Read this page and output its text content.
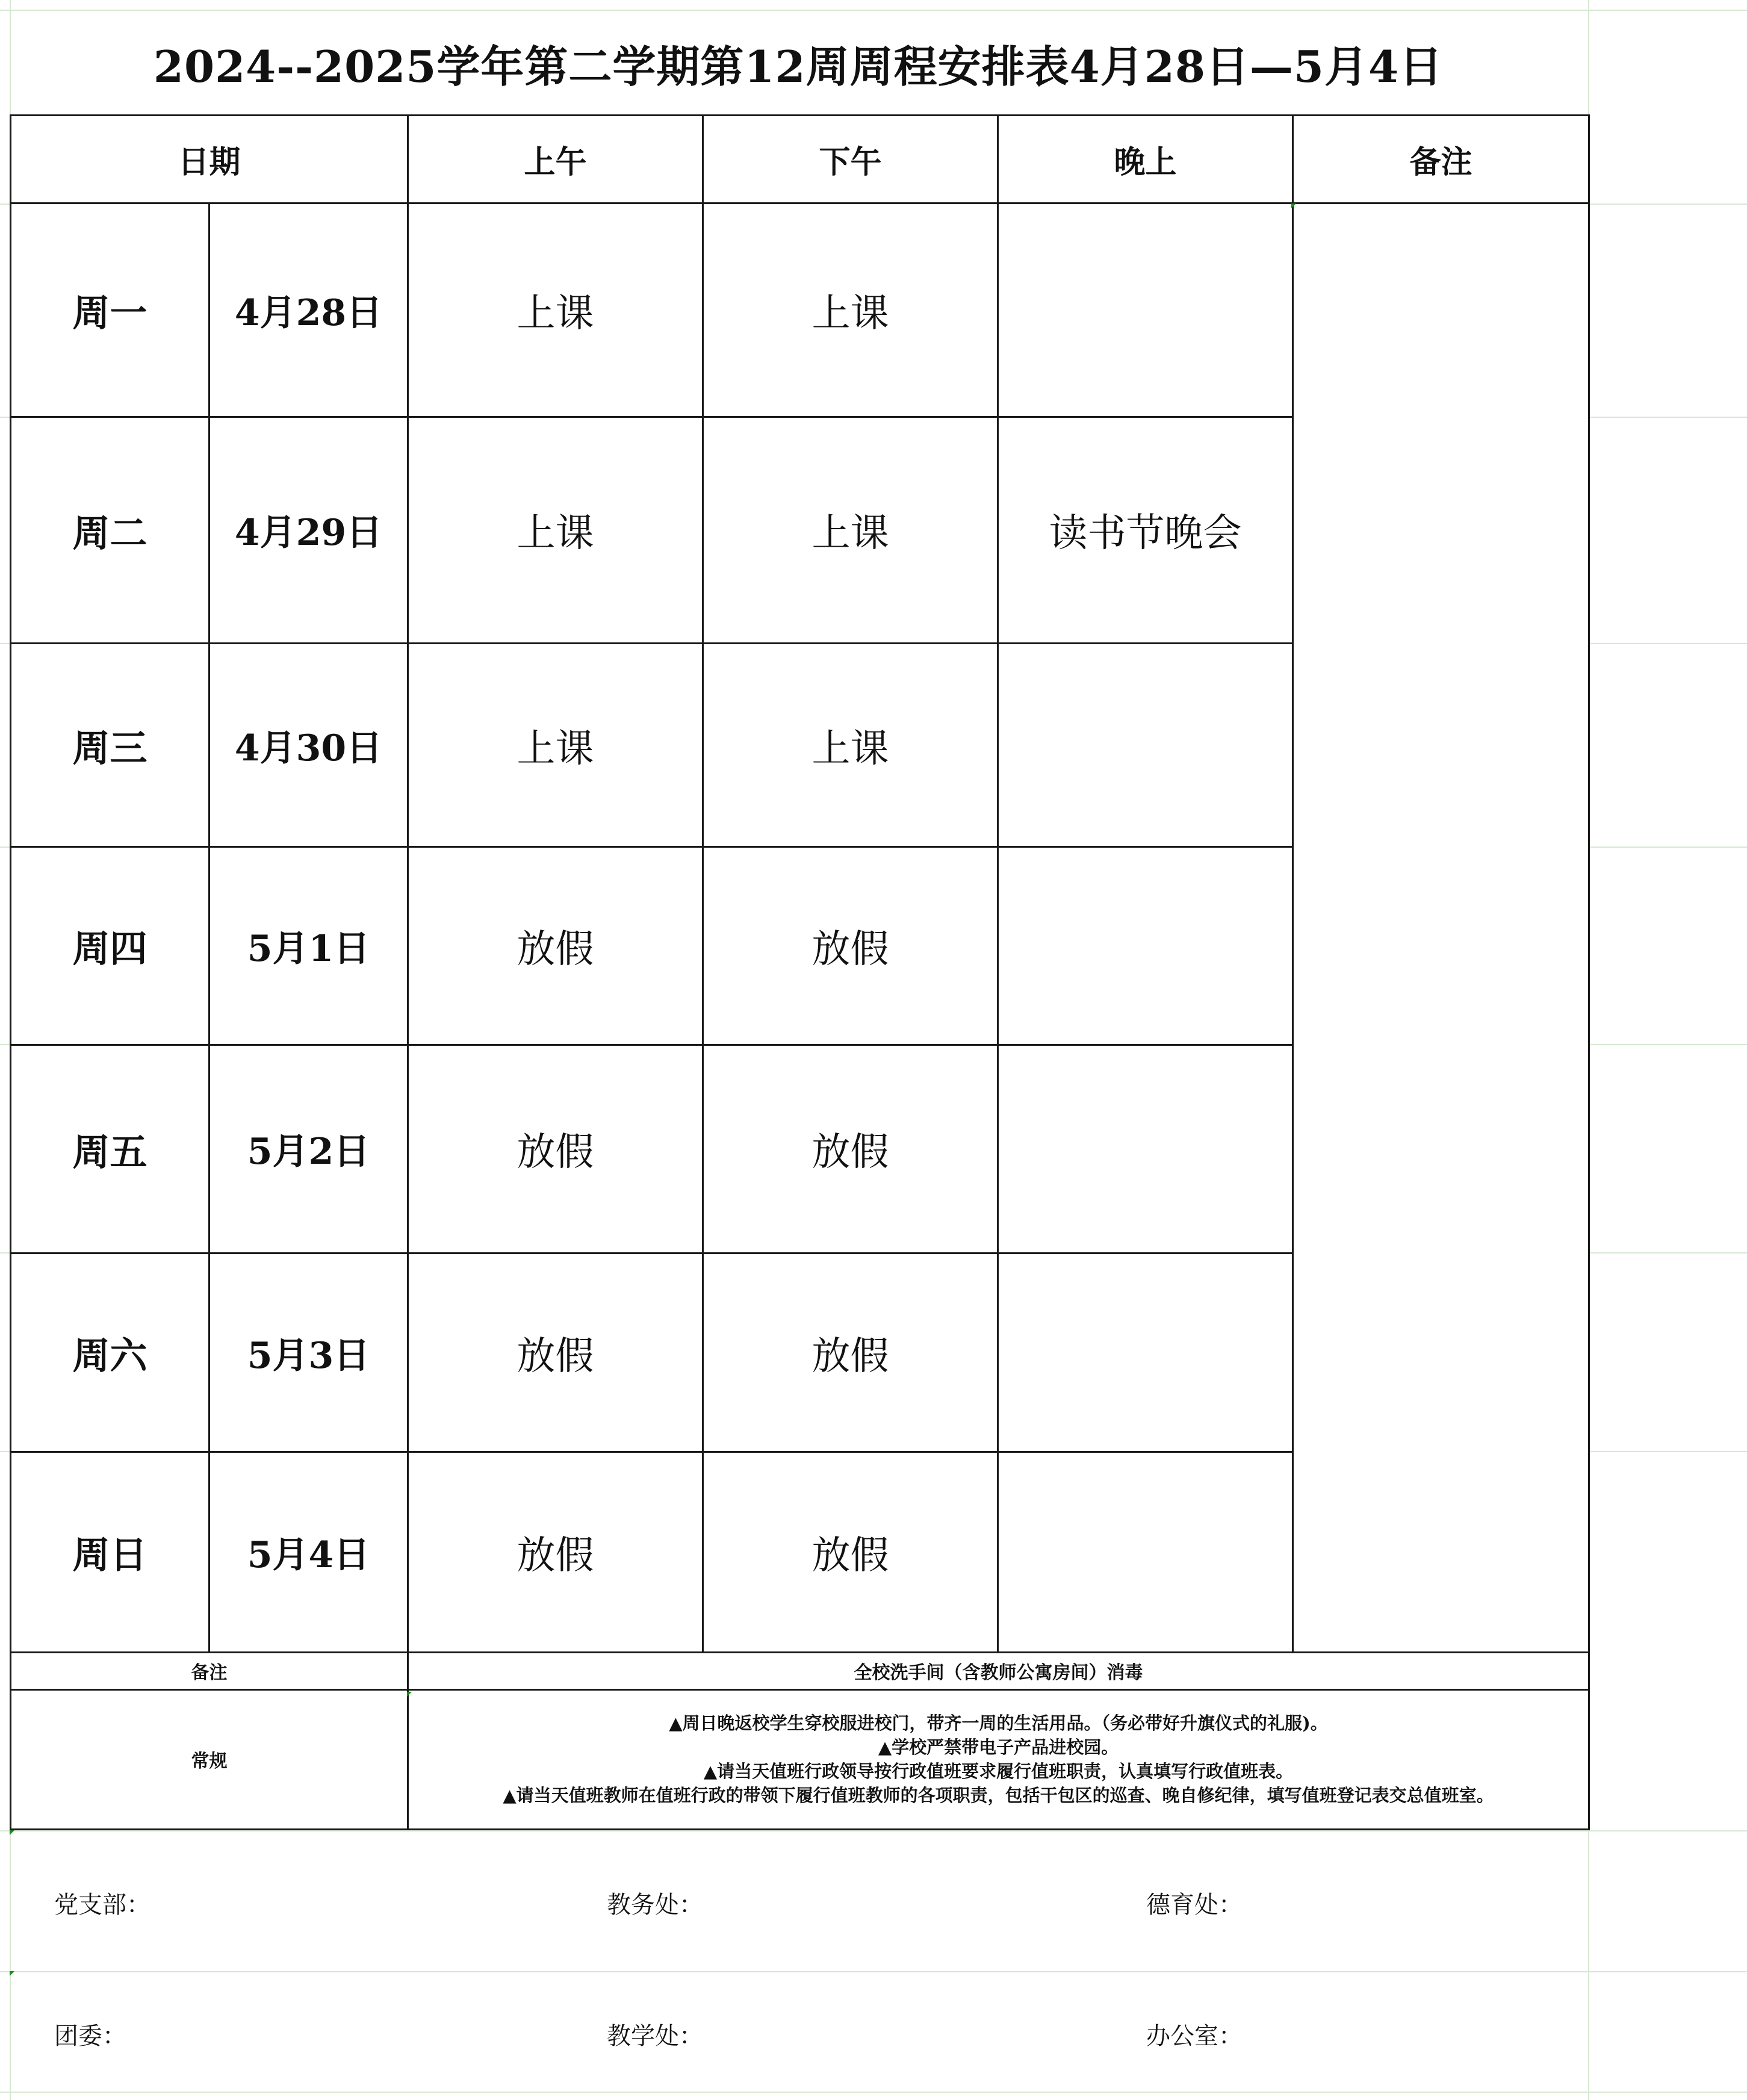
2024--2025学年第二学期第12周周程安排表4月28日—5月4日
日期		上午	下午	晚上	备注
周一	4月28日	上课	上课		
周二	4月29日	上课	上课	读书节晚会	
周三	4月30日	上课	上课		
周四	5月1日	放假	放假		
周五	5月2日	放假	放假		
周六	5月3日	放假	放假		
周日	5月4日	放假	放假		
备注		全校洗手间（含教师公寓房间）消毒			
常规		▲周日晚返校学生穿校服进校门，带齐一周的生活用品。（务必带好升旗仪式的礼服)。
▲学校严禁带电子产品进校园。
▲请当天值班行政领导按行政值班要求履行值班职责，认真填写行政值班表。
▲请当天值班教师在值班行政的带领下履行值班教师的各项职责，包括干包区的巡查、晚自修纪律，填写值班登记表交总值班室。			
党支部：	教务处：	德育处：
团委：	教学处：	办公室：
